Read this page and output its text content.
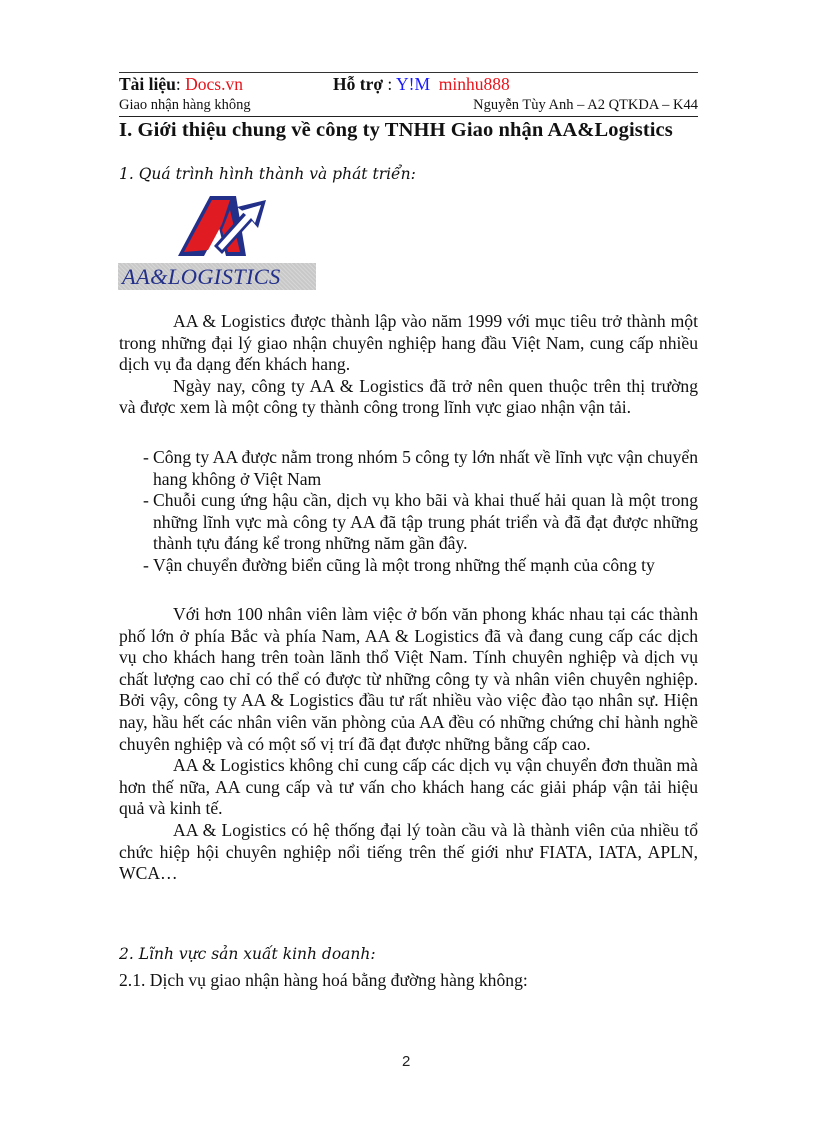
Tài liệu: Docs.vn	Hỗ trợ : Y!M minhu888
Giao nhận hàng không	Nguyễn Tùy Anh – A2 QTKDA – K44
I. Giới thiệu chung về công ty TNHH Giao nhận AA&Logistics
1. Quá trình hình thành và phát triển:
AA&LOGISTICS

AA & Logistics được thành lập vào năm 1999 với mục tiêu trở thành một trong những đại lý giao nhận chuyên nghiệp hang đầu Việt Nam, cung cấp nhiều dịch vụ đa dạng đến khách hang.

Ngày nay, công ty AA & Logistics đã trở nên quen thuộc trên thị trường và được xem là một công ty thành công trong lĩnh vực giao nhận vận tải.

- Công ty AA được nằm trong nhóm 5 công ty lớn nhất về lĩnh vực vận chuyển hang không ở Việt Nam
- Chuỗi cung ứng hậu cần, dịch vụ kho bãi và khai thuế hải quan là một trong những lĩnh vực mà công ty AA đã tập trung phát triển và đã đạt được những thành tựu đáng kể trong những năm gần đây.
- Vận chuyển đường biển cũng là một trong những thế mạnh của công ty

Với hơn 100 nhân viên làm việc ở bốn văn phong khác nhau tại các thành phố lớn ở phía Bắc và phía Nam, AA & Logistics đã và đang cung cấp các dịch vụ cho khách hang trên toàn lãnh thổ Việt Nam. Tính chuyên nghiệp và dịch vụ chất lượng cao chỉ có thể có được từ những công ty và nhân viên chuyên nghiệp. Bởi vậy, công ty AA & Logistics đầu tư rất nhiều vào việc đào tạo nhân sự. Hiện nay, hầu hết các nhân viên văn phòng của AA đều có những chứng chỉ hành nghề chuyên nghiệp và có một số vị trí đã đạt được những bằng cấp cao.

AA & Logistics không chỉ cung cấp các dịch vụ vận chuyển đơn thuần mà hơn thế nữa, AA cung cấp và tư vấn cho khách hang các giải pháp vận tải hiệu quả và kinh tế.

AA & Logistics có hệ thống đại lý toàn cầu và là thành viên của nhiều tổ chức hiệp hội chuyên nghiệp nổi tiếng trên thế giới như FIATA, IATA, APLN, WCA…

2. Lĩnh vực sản xuất kinh doanh:
2.1. Dịch vụ giao nhận hàng hoá bằng đường hàng không:
2
